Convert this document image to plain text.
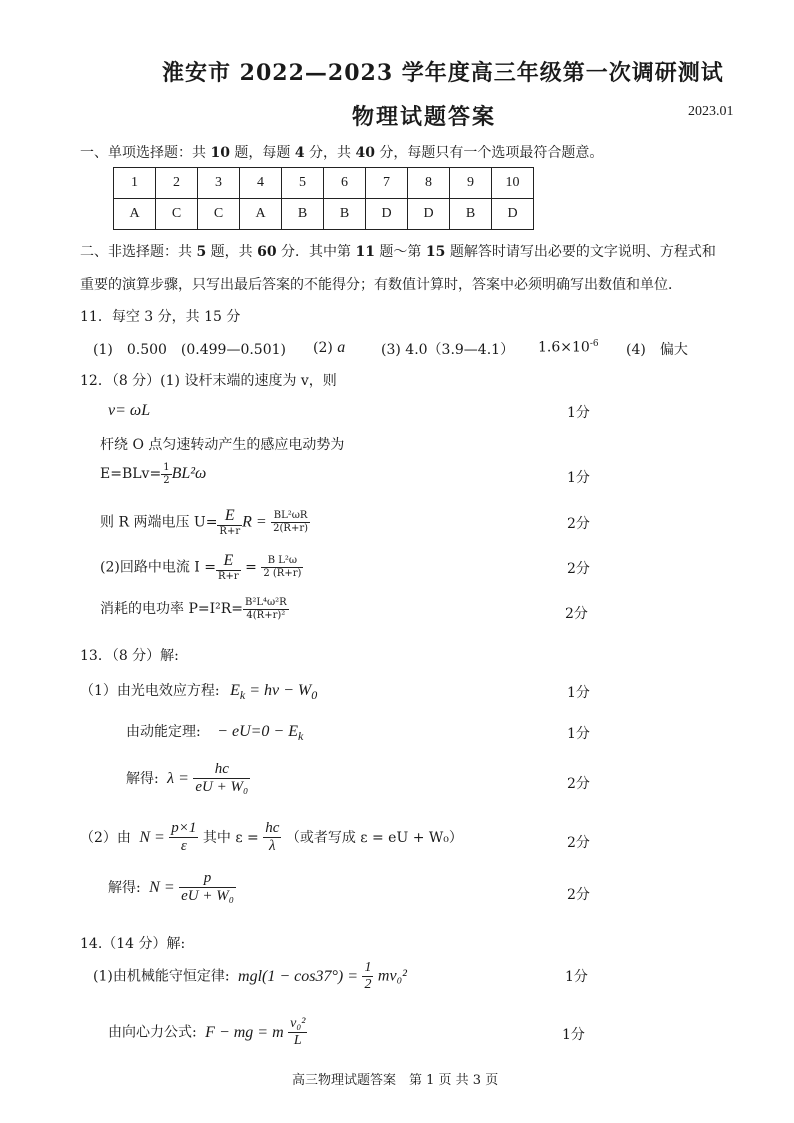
淮安市 2022—2023 学年度高三年级第一次调研测试
物理试题答案	2023.01
一、单项选择题：共 10 题，每题 4 分，共 40 分，每题只有一个选项最符合题意。
1	2	3	4	5	6	7	8	9	10
A	C	C	A	B	B	D	D	B	D
二、非选择题：共 5 题，共 60 分．其中第 11 题～第 15 题解答时请写出必要的文字说明、方程式和
重要的演算步骤，只写出最后答案的不能得分；有数值计算时，答案中必须明确写出数值和单位．
11．每空 3 分，共 15 分
(1)　0.500　(0.499—0.501) (2) a	(3) 4.0（3.9—4.1） $1.6\times 10^{-6}$ (4)　偏大
12．（8 分）(1) 设杆末端的速度为 v，则
v= ωL	1分
杆绕 O 点匀速转动产生的感应电动势为
$E=BLv= \frac{1}{2} BL^2\omega$	1分
则 R 两端电压 $U= \frac{E}{R+r}$ $R = \frac{\text{BL²ωR}}{2(R+r)}$	2分
(2)回路中电流 $I = \frac{E}{R+r} = \frac{\text{B L²ω}}{2 (R+r)}$	2分
消耗的电功率 $P=I^2R= \frac{\text{B²L⁴ω²R}}{\text{4(R+r)²}}$	2分
13．（8 分）解:
（1）由光电效应方程: $E_k = h\nu - W_0$	1分
由动能定理: − $eU=0 - E_k$	1分
解得: $\lambda = \frac{hc}{\text{eU + W₀}}$	2分
（2）由 $N = \frac{p\times 1}{\varepsilon}$ 其中 $\varepsilon = \frac{hc}{\lambda}$ （或者写成 ε = eU + W₀）	2分
解得: $N = \frac{p}{\text{eU + W₀}}$	2分
14.（14 分）解:
(1)由机械能守恒定律: $mgl(1 - \cos 37^\circ) = \frac{1}{2} mv_0^2$	1分
由向心力公式: F − mg = m $\frac{\text{v₀²}}{L}$	1分
高三物理试题答案　第 1 页 共 3 页
